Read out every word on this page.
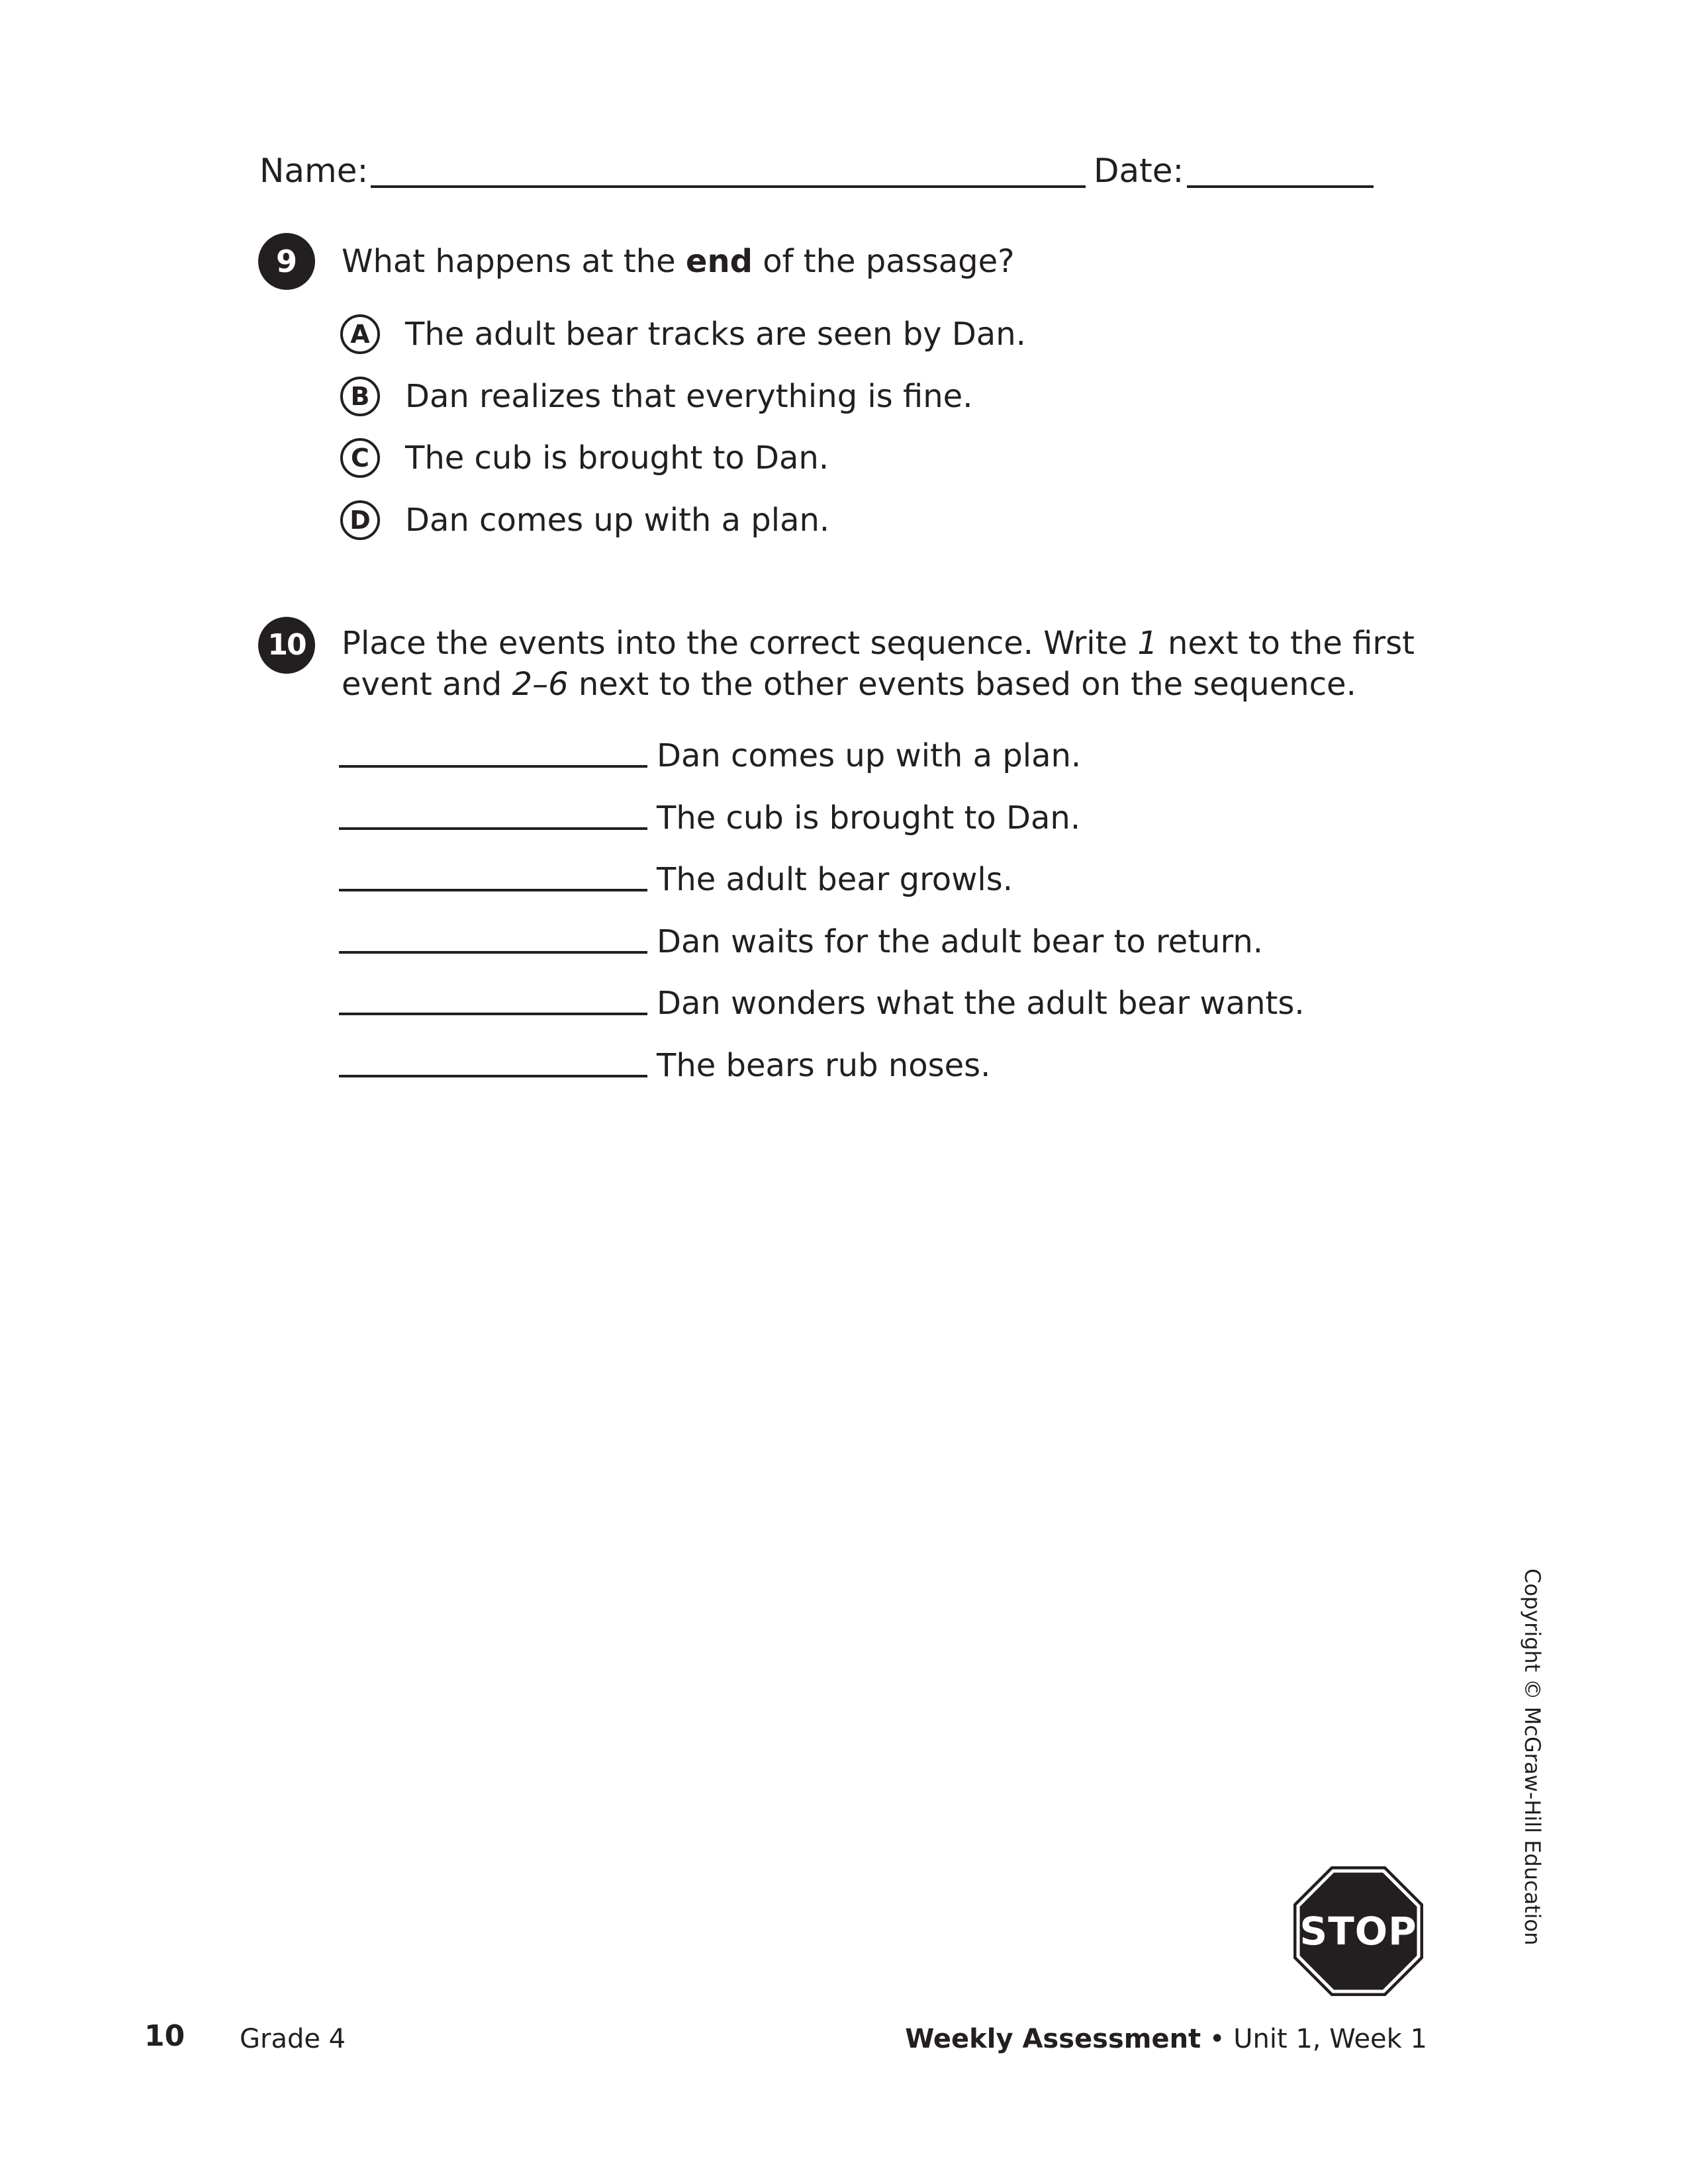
Name:	Date:
9	What happens at the end of the passage?
A	The adult bear tracks are seen by Dan.
B	Dan realizes that everything is fine.
C	The cub is brought to Dan.
D Dan comes up with a plan.
10 Place the events into the correct sequence. Write 1 next to the first
event and 2–6 next to the other events based on the sequence.
Dan comes up with a plan.
The cub is brought to Dan.
The adult bear growls.
Dan waits for the adult bear to return.
Dan wonders what the adult bear wants.
The bears rub noses.
Copyright © McGraw-Hill Education
STOP
10 Grade 4	Weekly Assessment • Unit 1, Week 1
